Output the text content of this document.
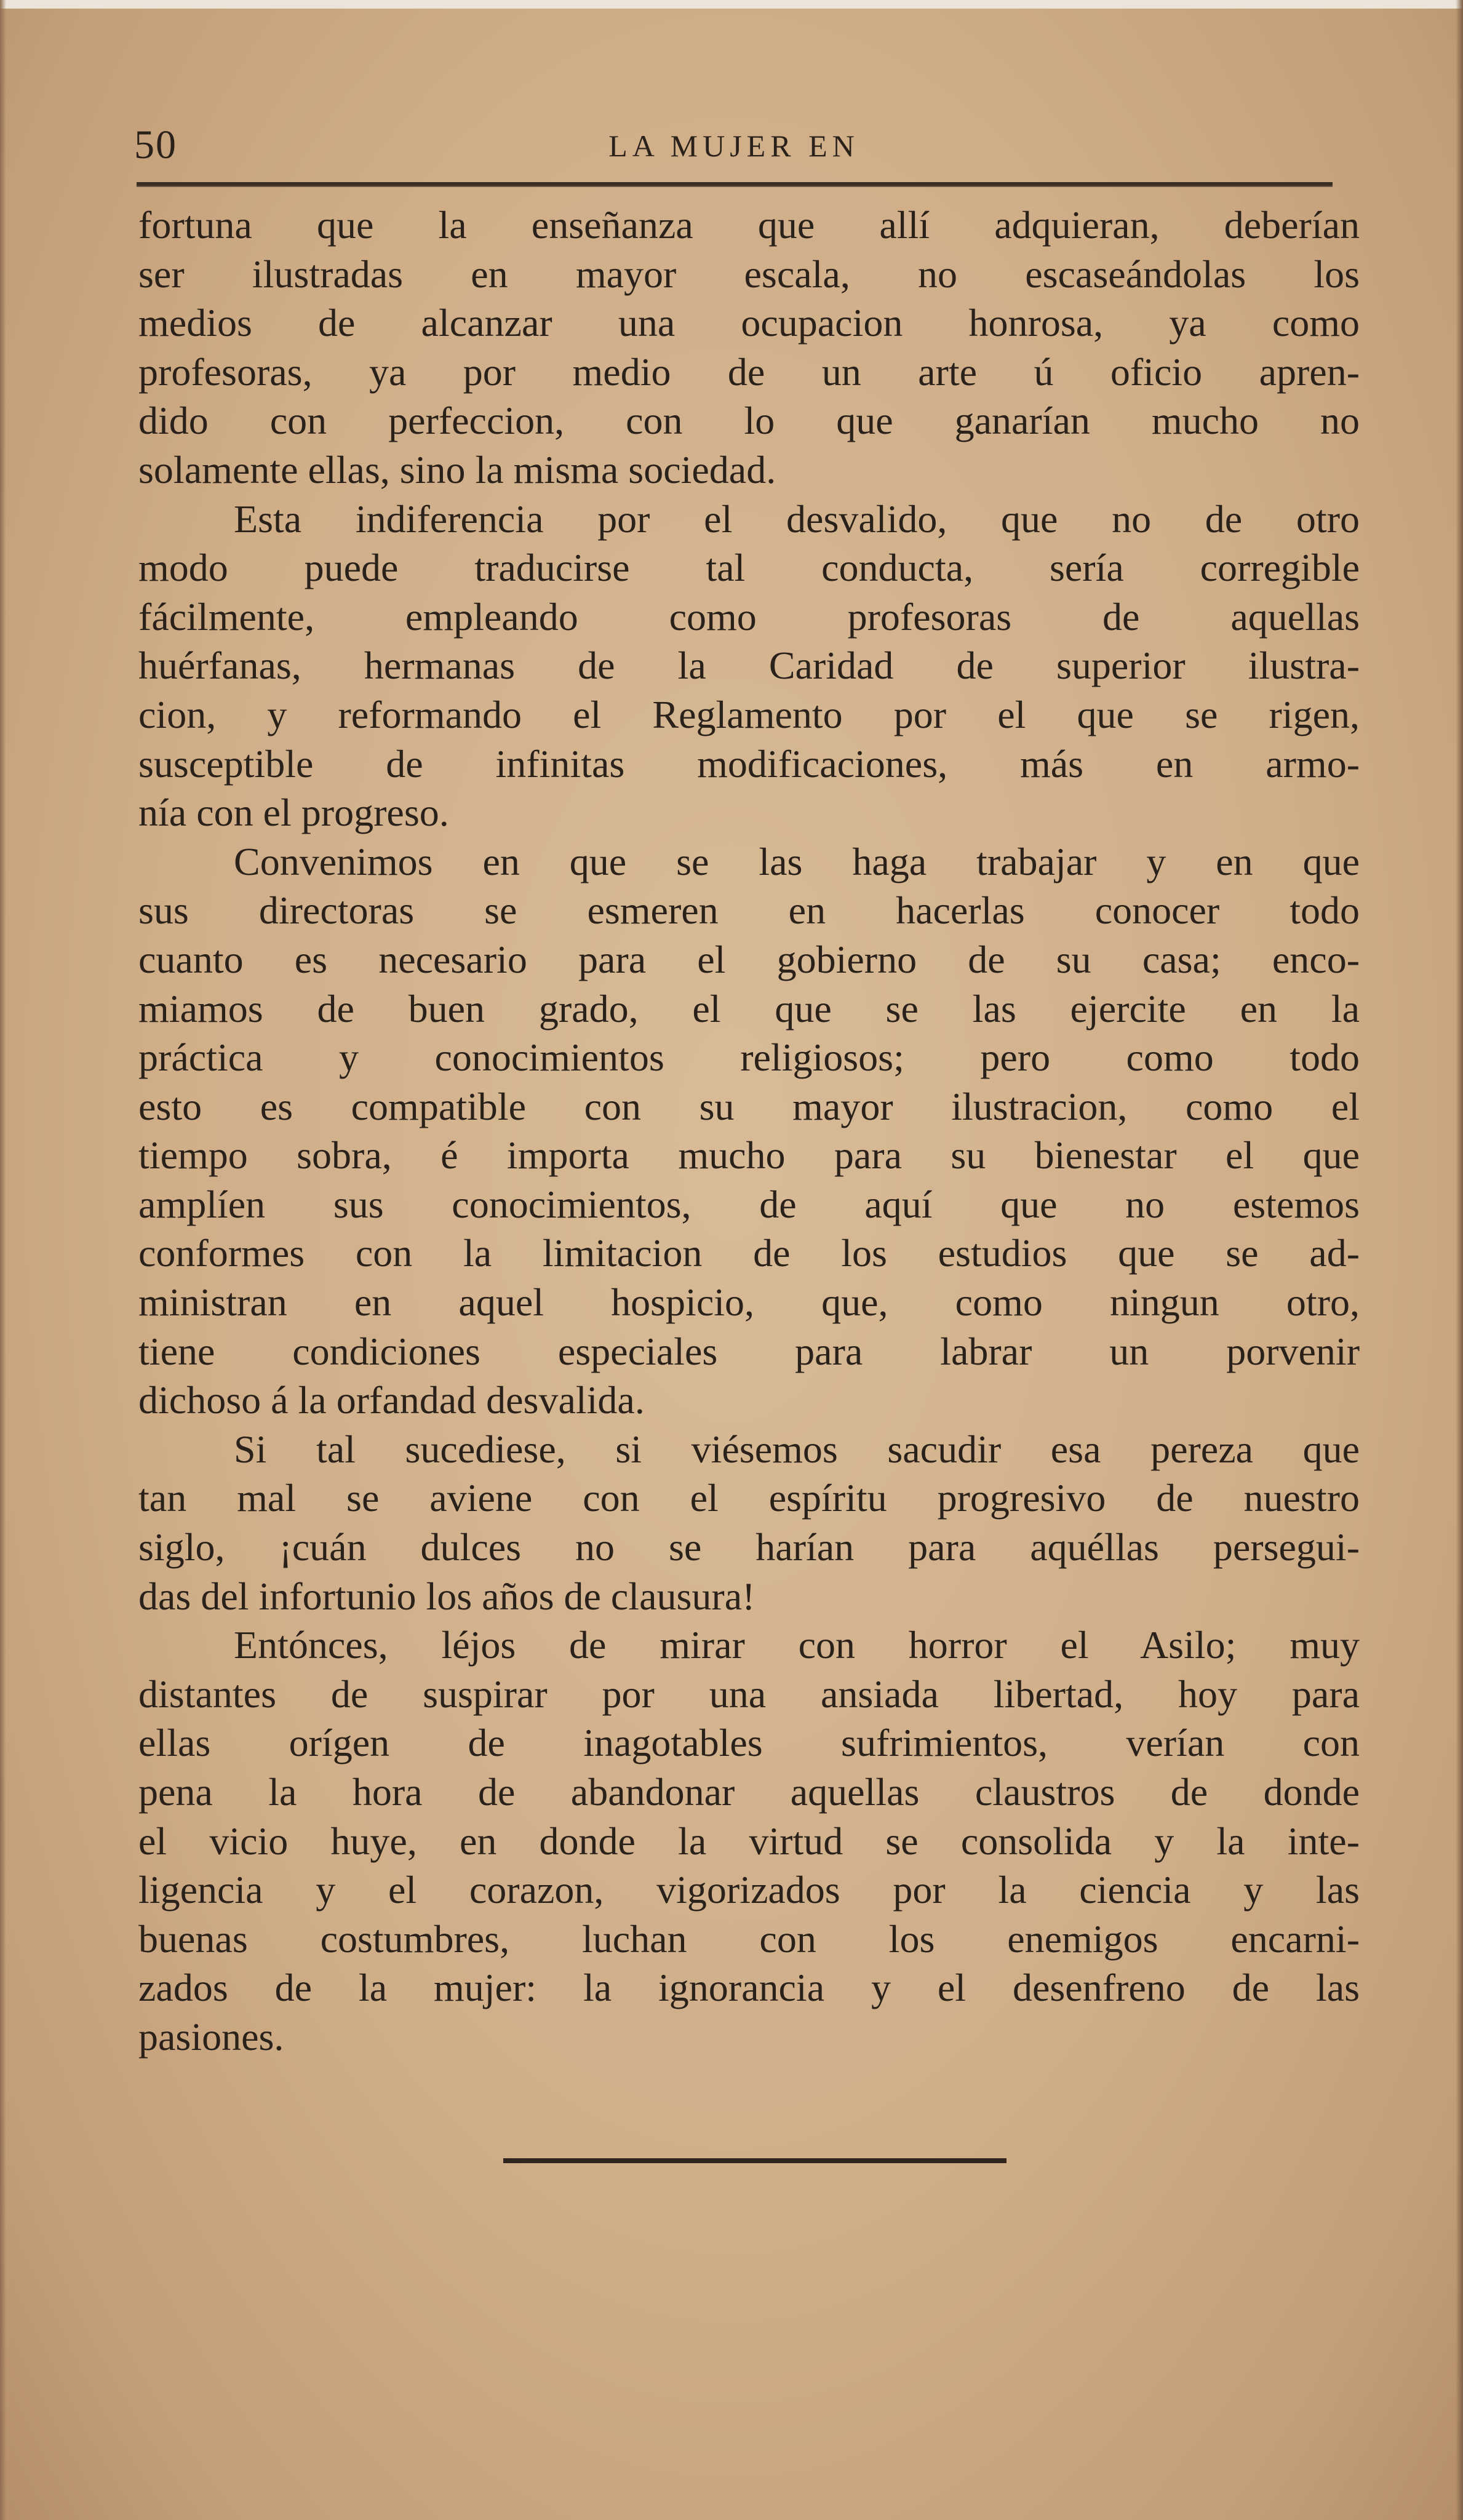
50	LA MUJER EN
fortuna que la enseñanza que allí adquieran, deberían
ser ilustradas en mayor escala, no escaseándolas los
medios de alcanzar una ocupacion honrosa, ya como
profesoras, ya por medio de un arte ú oficio apren-
dido con perfeccion, con lo que ganarían mucho no
solamente ellas, sino la misma sociedad.
Esta indiferencia por el desvalido, que no de otro
modo puede traducirse tal conducta, sería corregible
fácilmente, empleando como profesoras de aquellas
huérfanas, hermanas de la Caridad de superior ilustra-
cion, y reformando el Reglamento por el que se rigen,
susceptible de infinitas modificaciones, más en armo-
nía con el progreso.
Convenimos en que se las haga trabajar y en que
sus directoras se esmeren en hacerlas conocer todo
cuanto es necesario para el gobierno de su casa; enco-
miamos de buen grado, el que se las ejercite en la
práctica y conocimientos religiosos; pero como todo
esto es compatible con su mayor ilustracion, como el
tiempo sobra, é importa mucho para su bienestar el que
amplíen sus conocimientos, de aquí que no estemos
conformes con la limitacion de los estudios que se ad-
ministran en aquel hospicio, que, como ningun otro,
tiene condiciones especiales para labrar un porvenir
dichoso á la orfandad desvalida.
Si tal sucediese, si viésemos sacudir esa pereza que
tan mal se aviene con el espíritu progresivo de nuestro
siglo, ¡cuán dulces no se harían para aquéllas persegui-
das del infortunio los años de clausura!
Entónces, léjos de mirar con horror el Asilo; muy
distantes de suspirar por una ansiada libertad, hoy para
ellas orígen de inagotables sufrimientos, verían con
pena la hora de abandonar aquellas claustros de donde
el vicio huye, en donde la virtud se consolida y la inte-
ligencia y el corazon, vigorizados por la ciencia y las
buenas costumbres, luchan con los enemigos encarni-
zados de la mujer: la ignorancia y el desenfreno de las
pasiones.
